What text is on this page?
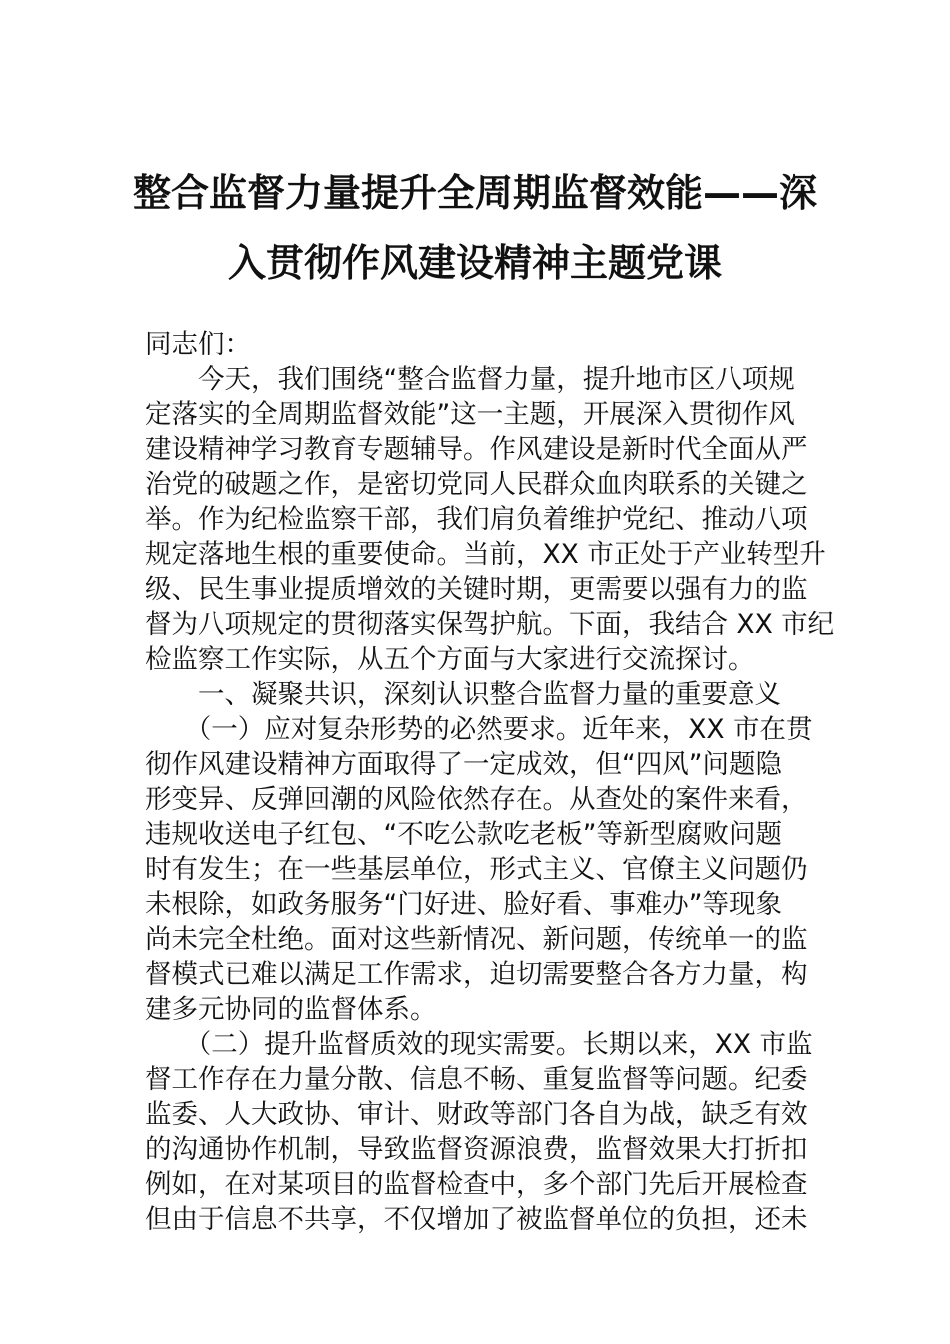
整合监督力量提升全周期监督效能——深
入贯彻作风建设精神主题党课
同志们：
　　今天，我们围绕“整合监督力量，提升地市区八项规
定落实的全周期监督效能”这一主题，开展深入贯彻作风
建设精神学习教育专题辅导。作风建设是新时代全面从严
治党的破题之作，是密切党同人民群众血肉联系的关键之
举。作为纪检监察干部，我们肩负着维护党纪、推动八项
规定落地生根的重要使命。当前，XX 市正处于产业转型升
级、民生事业提质增效的关键时期，更需要以强有力的监
督为八项规定的贯彻落实保驾护航。下面，我结合 XX 市纪
检监察工作实际，从五个方面与大家进行交流探讨。
　　一、凝聚共识，深刻认识整合监督力量的重要意义
　　（一）应对复杂形势的必然要求。近年来，XX 市在贯
彻作风建设精神方面取得了一定成效，但“四风”问题隐
形变异、反弹回潮的风险依然存在。从查处的案件来看，
违规收送电子红包、“不吃公款吃老板”等新型腐败问题
时有发生；在一些基层单位，形式主义、官僚主义问题仍
未根除，如政务服务“门好进、脸好看、事难办”等现象
尚未完全杜绝。面对这些新情况、新问题，传统单一的监
督模式已难以满足工作需求，迫切需要整合各方力量，构
建多元协同的监督体系。
　　（二）提升监督质效的现实需要。长期以来，XX 市监
督工作存在力量分散、信息不畅、重复监督等问题。纪委
监委、人大政协、审计、财政等部门各自为战，缺乏有效
的沟通协作机制，导致监督资源浪费，监督效果大打折扣
例如，在对某项目的监督检查中，多个部门先后开展检查
但由于信息不共享，不仅增加了被监督单位的负担，还未
